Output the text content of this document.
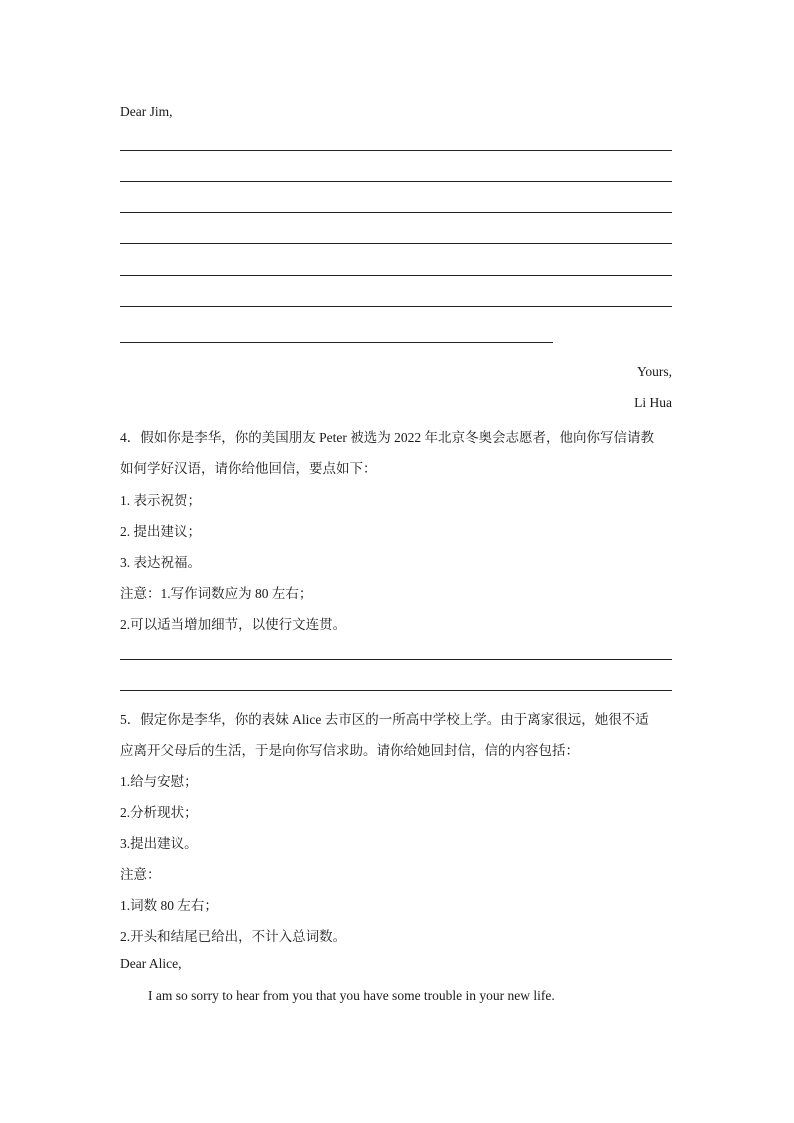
Dear Jim,
Yours,
Li Hua
4．假如你是李华，你的美国朋友 Peter 被选为 2022 年北京冬奥会志愿者，他向你写信请教
如何学好汉语，请你给他回信，要点如下：
1. 表示祝贺；
2. 提出建议；
3. 表达祝福。
注意：1.写作词数应为 80 左右；
2.可以适当增加细节，以使行文连贯。
5．假定你是李华，你的表妹 Alice 去市区的一所高中学校上学。由于离家很远，她很不适
应离开父母后的生活，于是向你写信求助。请你给她回封信，信的内容包括：
1.给与安慰；
2.分析现状；
3.提出建议。
注意：
1.词数 80 左右；
2.开头和结尾已给出，不计入总词数。
Dear Alice,
I am so sorry to hear from you that you have some trouble in your new life.
